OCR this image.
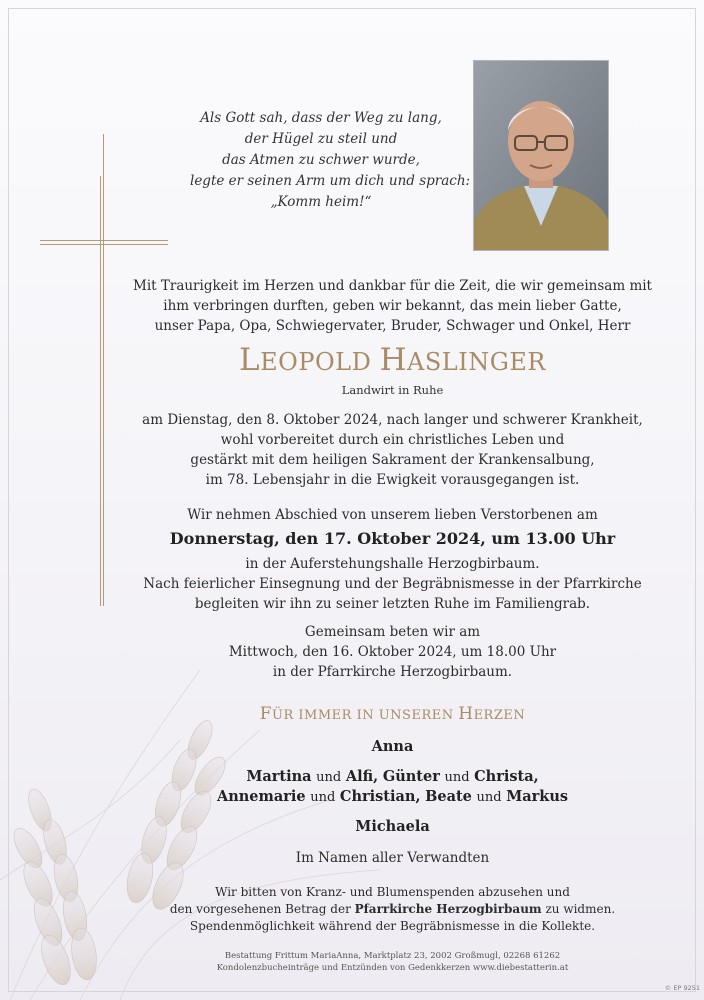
Als Gott sah, dass der Weg zu lang,
der Hügel zu steil und
das Atmen zu schwer wurde,
legte er seinen Arm um dich und sprach:
„Komm heim!“
Mit Traurigkeit im Herzen und dankbar für die Zeit, die wir gemeinsam mit
ihm verbringen durften, geben wir bekannt, das mein lieber Gatte,
unser Papa, Opa, Schwiegervater, Bruder, Schwager und Onkel, Herr
LEOPOLD HASLINGER
Landwirt in Ruhe
am Dienstag, den 8. Oktober 2024, nach langer und schwerer Krankheit,
wohl vorbereitet durch ein christliches Leben und
gestärkt mit dem heiligen Sakrament der Krankensalbung,
im 78. Lebensjahr in die Ewigkeit vorausgegangen ist.
Wir nehmen Abschied von unserem lieben Verstorbenen am
Donnerstag, den 17. Oktober 2024, um 13.00 Uhr
in der Auferstehungshalle Herzogbirbaum.
Nach feierlicher Einsegnung und der Begräbnismesse in der Pfarrkirche
begleiten wir ihn zu seiner letzten Ruhe im Familiengrab.
Gemeinsam beten wir am
Mittwoch, den 16. Oktober 2024, um 18.00 Uhr
in der Pfarrkirche Herzogbirbaum.
FÜR IMMER IN UNSEREN HERZEN
Anna
Martina und Alfi, Günter und Christa,
Annemarie und Christian, Beate und Markus
Michaela
Im Namen aller Verwandten
Wir bitten von Kranz- und Blumenspenden abzusehen und
den vorgesehenen Betrag der Pfarrkirche Herzogbirbaum zu widmen.
Spendenmöglichkeit während der Begräbnismesse in die Kollekte.
Bestattung Frittum MariaAnna, Marktplatz 23, 2002 Großmugl, 02268 61262
Kondolenzbucheinträge und Entzünden von Gedenkkerzen www.diebestatterin.at
© EP 9251
